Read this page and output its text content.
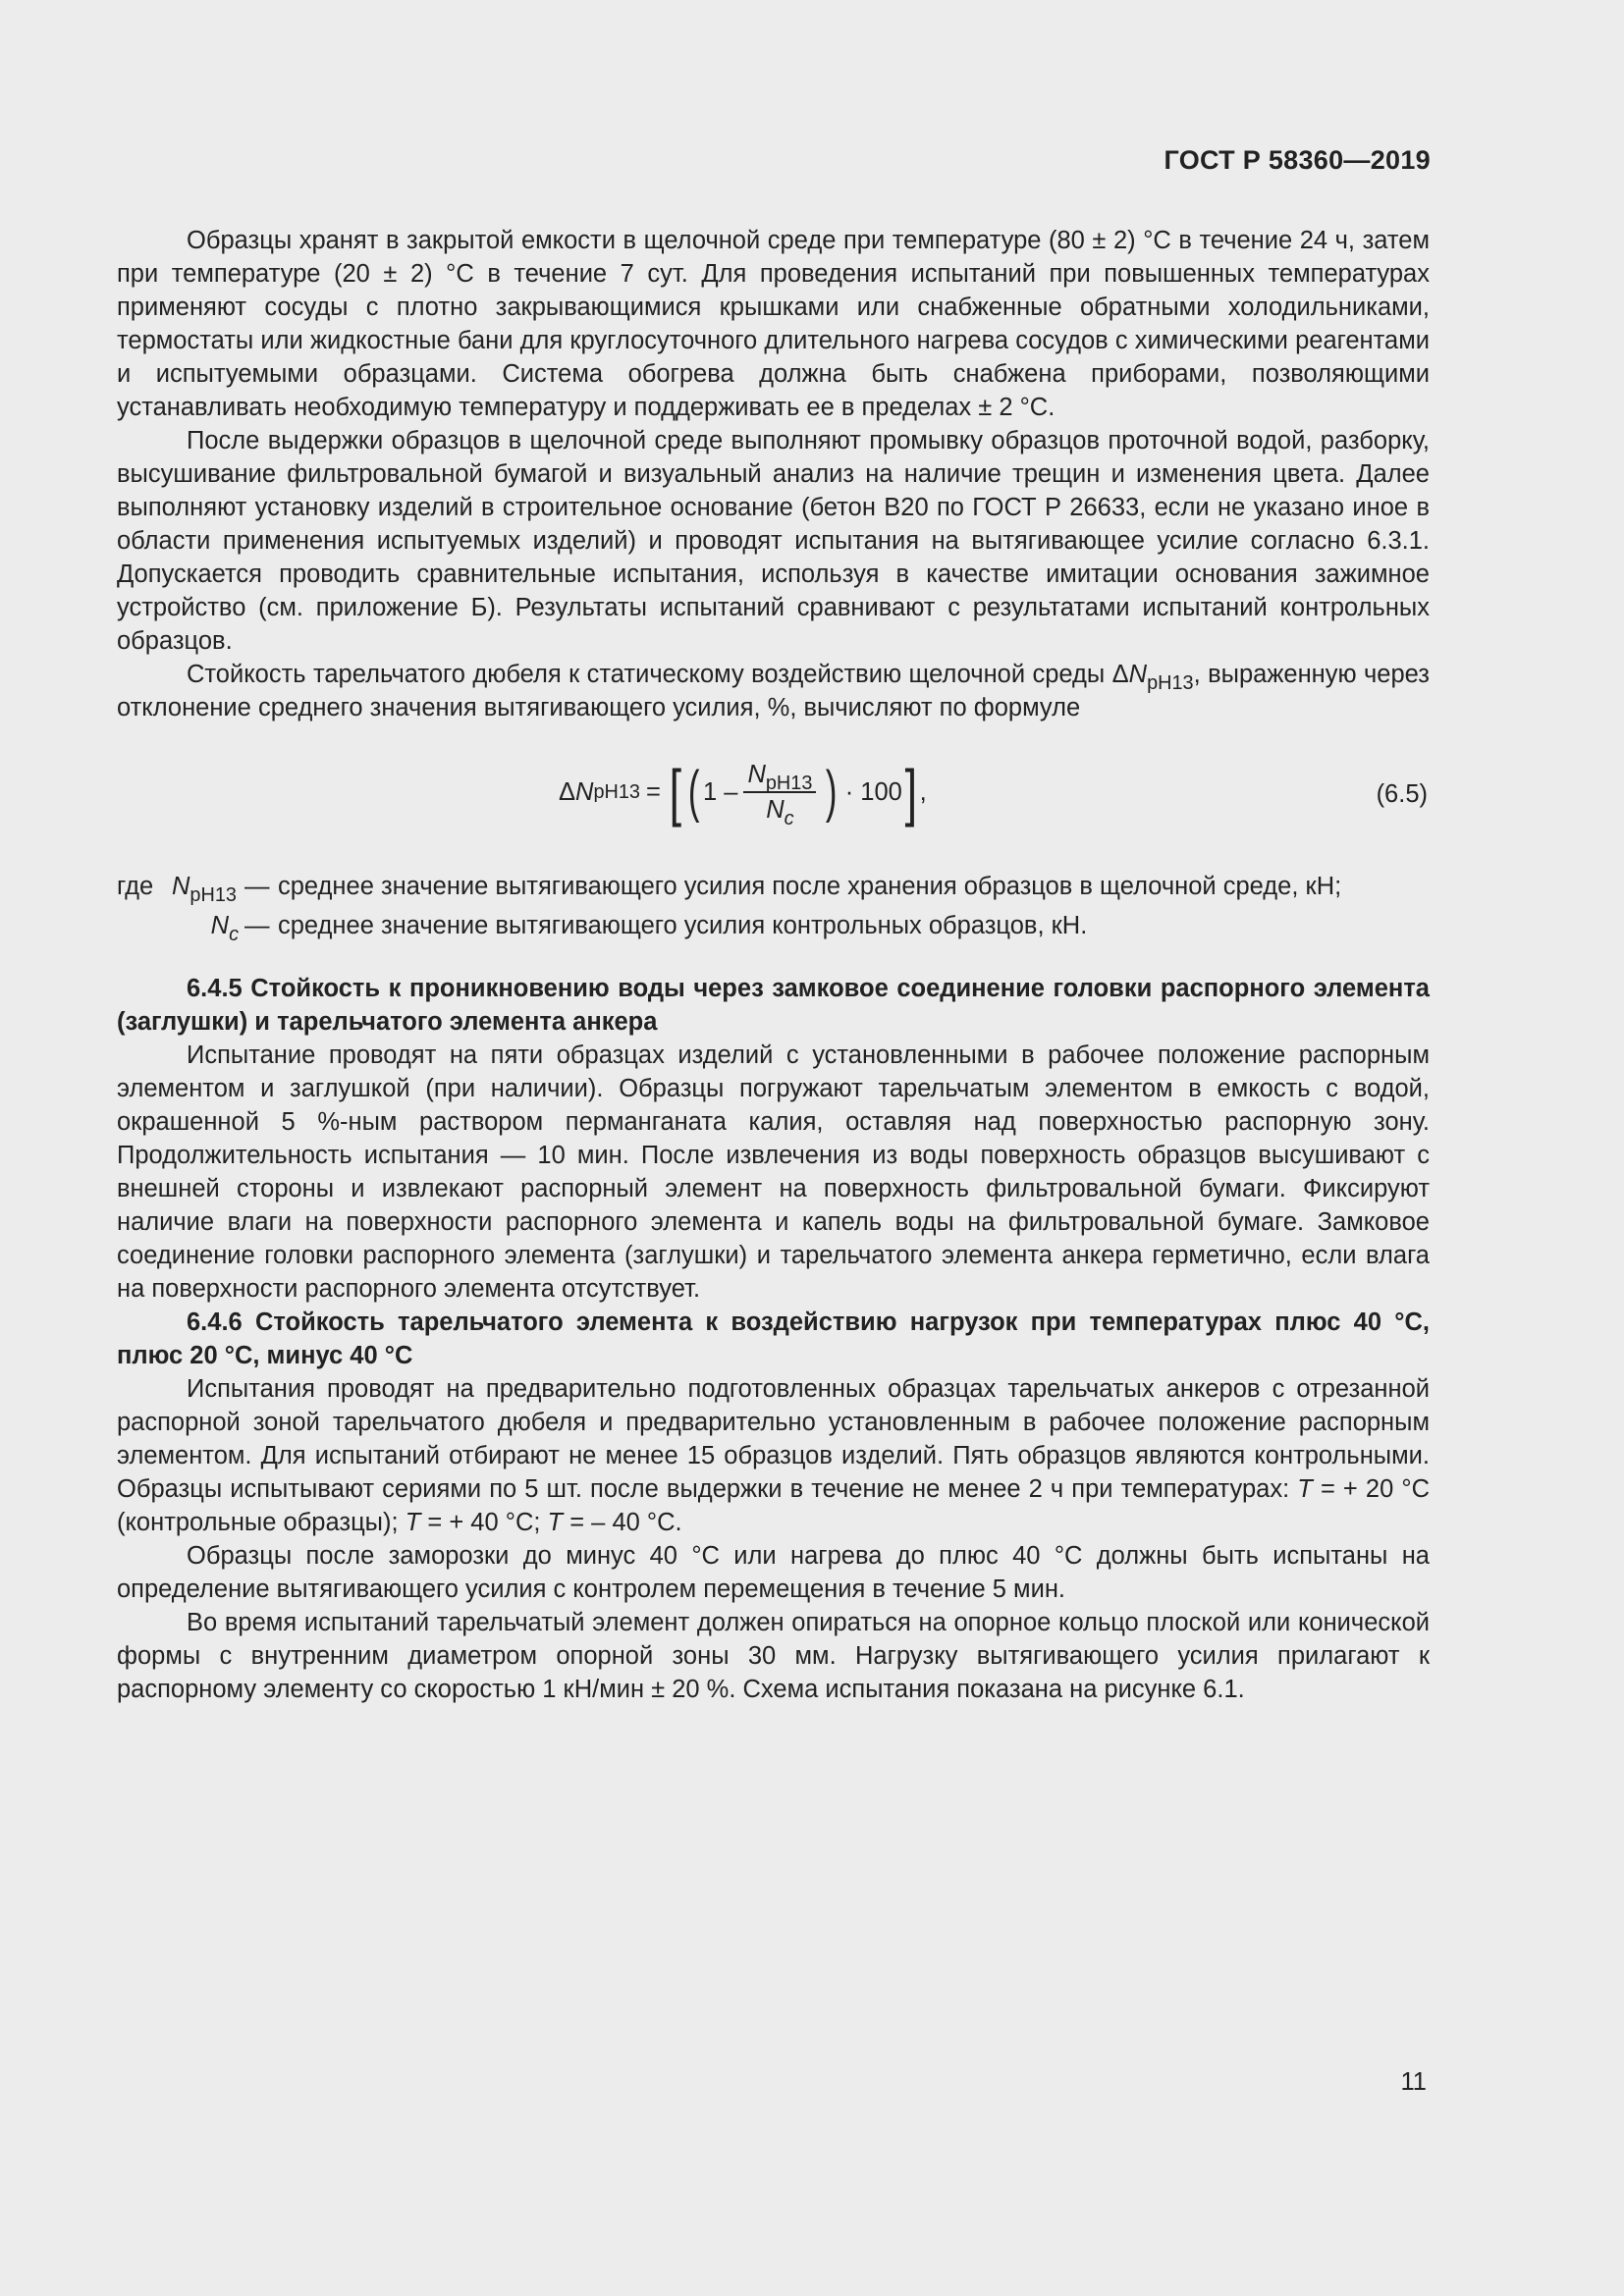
ГОСТ Р 58360—2019

Образцы хранят в закрытой емкости в щелочной среде при температуре (80 ± 2) °С в течение 24 ч, затем при температуре (20 ± 2) °С в течение 7 сут. Для проведения испытаний при повышенных температурах применяют сосуды с плотно закрывающимися крышками или снабженные обратными холодильниками, термостаты или жидкостные бани для круглосуточного длительного нагрева сосудов с химическими реагентами и испытуемыми образцами. Система обогрева должна быть снабжена приборами, позволяющими устанавливать необходимую температуру и поддерживать ее в пределах ± 2 °С.

После выдержки образцов в щелочной среде выполняют промывку образцов проточной водой, разборку, высушивание фильтровальной бумагой и визуальный анализ на наличие трещин и изменения цвета. Далее выполняют установку изделий в строительное основание (бетон В20 по ГОСТ Р 26633, если не указано иное в области применения испытуемых изделий) и проводят испытания на вытягивающее усилие согласно 6.3.1. Допускается проводить сравнительные испытания, используя в качестве имитации основания зажимное устройство (см. приложение Б). Результаты испытаний сравнивают с результатами испытаний контрольных образцов.

Стойкость тарельчатого дюбеля к статическому воздействию щелочной среды $\Delta N_{pH13}$, выраженную через отклонение среднего значения вытягивающего усилия, %, вычисляют по формуле

Δ N pH13 = [ ( $1 - \frac{N_{pH13}}{N_c}$ ) · 100 ] ,	(6.5)
где $N_{pH13}$ — среднее значение вытягивающего усилия после хранения образцов в щелочной среде, кН;
$N_c$ — среднее значение вытягивающего усилия контрольных образцов, кН.

6.4.5 Стойкость к проникновению воды через замковое соединение головки распорного элемента (заглушки) и тарельчатого элемента анкера

Испытание проводят на пяти образцах изделий с установленными в рабочее положение распорным элементом и заглушкой (при наличии). Образцы погружают тарельчатым элементом в емкость с водой, окрашенной 5 %-ным раствором перманганата калия, оставляя над поверхностью распорную зону. Продолжительность испытания — 10 мин. После извлечения из воды поверхность образцов высушивают с внешней стороны и извлекают распорный элемент на поверхность фильтровальной бумаги. Фиксируют наличие влаги на поверхности распорного элемента и капель воды на фильтровальной бумаге. Замковое соединение головки распорного элемента (заглушки) и тарельчатого элемента анкера герметично, если влага на поверхности распорного элемента отсутствует.

6.4.6 Стойкость тарельчатого элемента к воздействию нагрузок при температурах плюс 40 °С, плюс 20 °С, минус 40 °С

Испытания проводят на предварительно подготовленных образцах тарельчатых анкеров с отрезанной распорной зоной тарельчатого дюбеля и предварительно установленным в рабочее положение распорным элементом. Для испытаний отбирают не менее 15 образцов изделий. Пять образцов являются контрольными. Образцы испытывают сериями по 5 шт. после выдержки в течение не менее 2 ч при температурах: T = + 20 °С (контрольные образцы); T = + 40 °С; T = – 40 °С.

Образцы после заморозки до минус 40 °С или нагрева до плюс 40 °С должны быть испытаны на определение вытягивающего усилия с контролем перемещения в течение 5 мин.

Во время испытаний тарельчатый элемент должен опираться на опорное кольцо плоской или конической формы с внутренним диаметром опорной зоны 30 мм. Нагрузку вытягивающего усилия прилагают к распорному элементу со скоростью 1 кН/мин ± 20 %. Схема испытания показана на рисунке 6.1.

11
